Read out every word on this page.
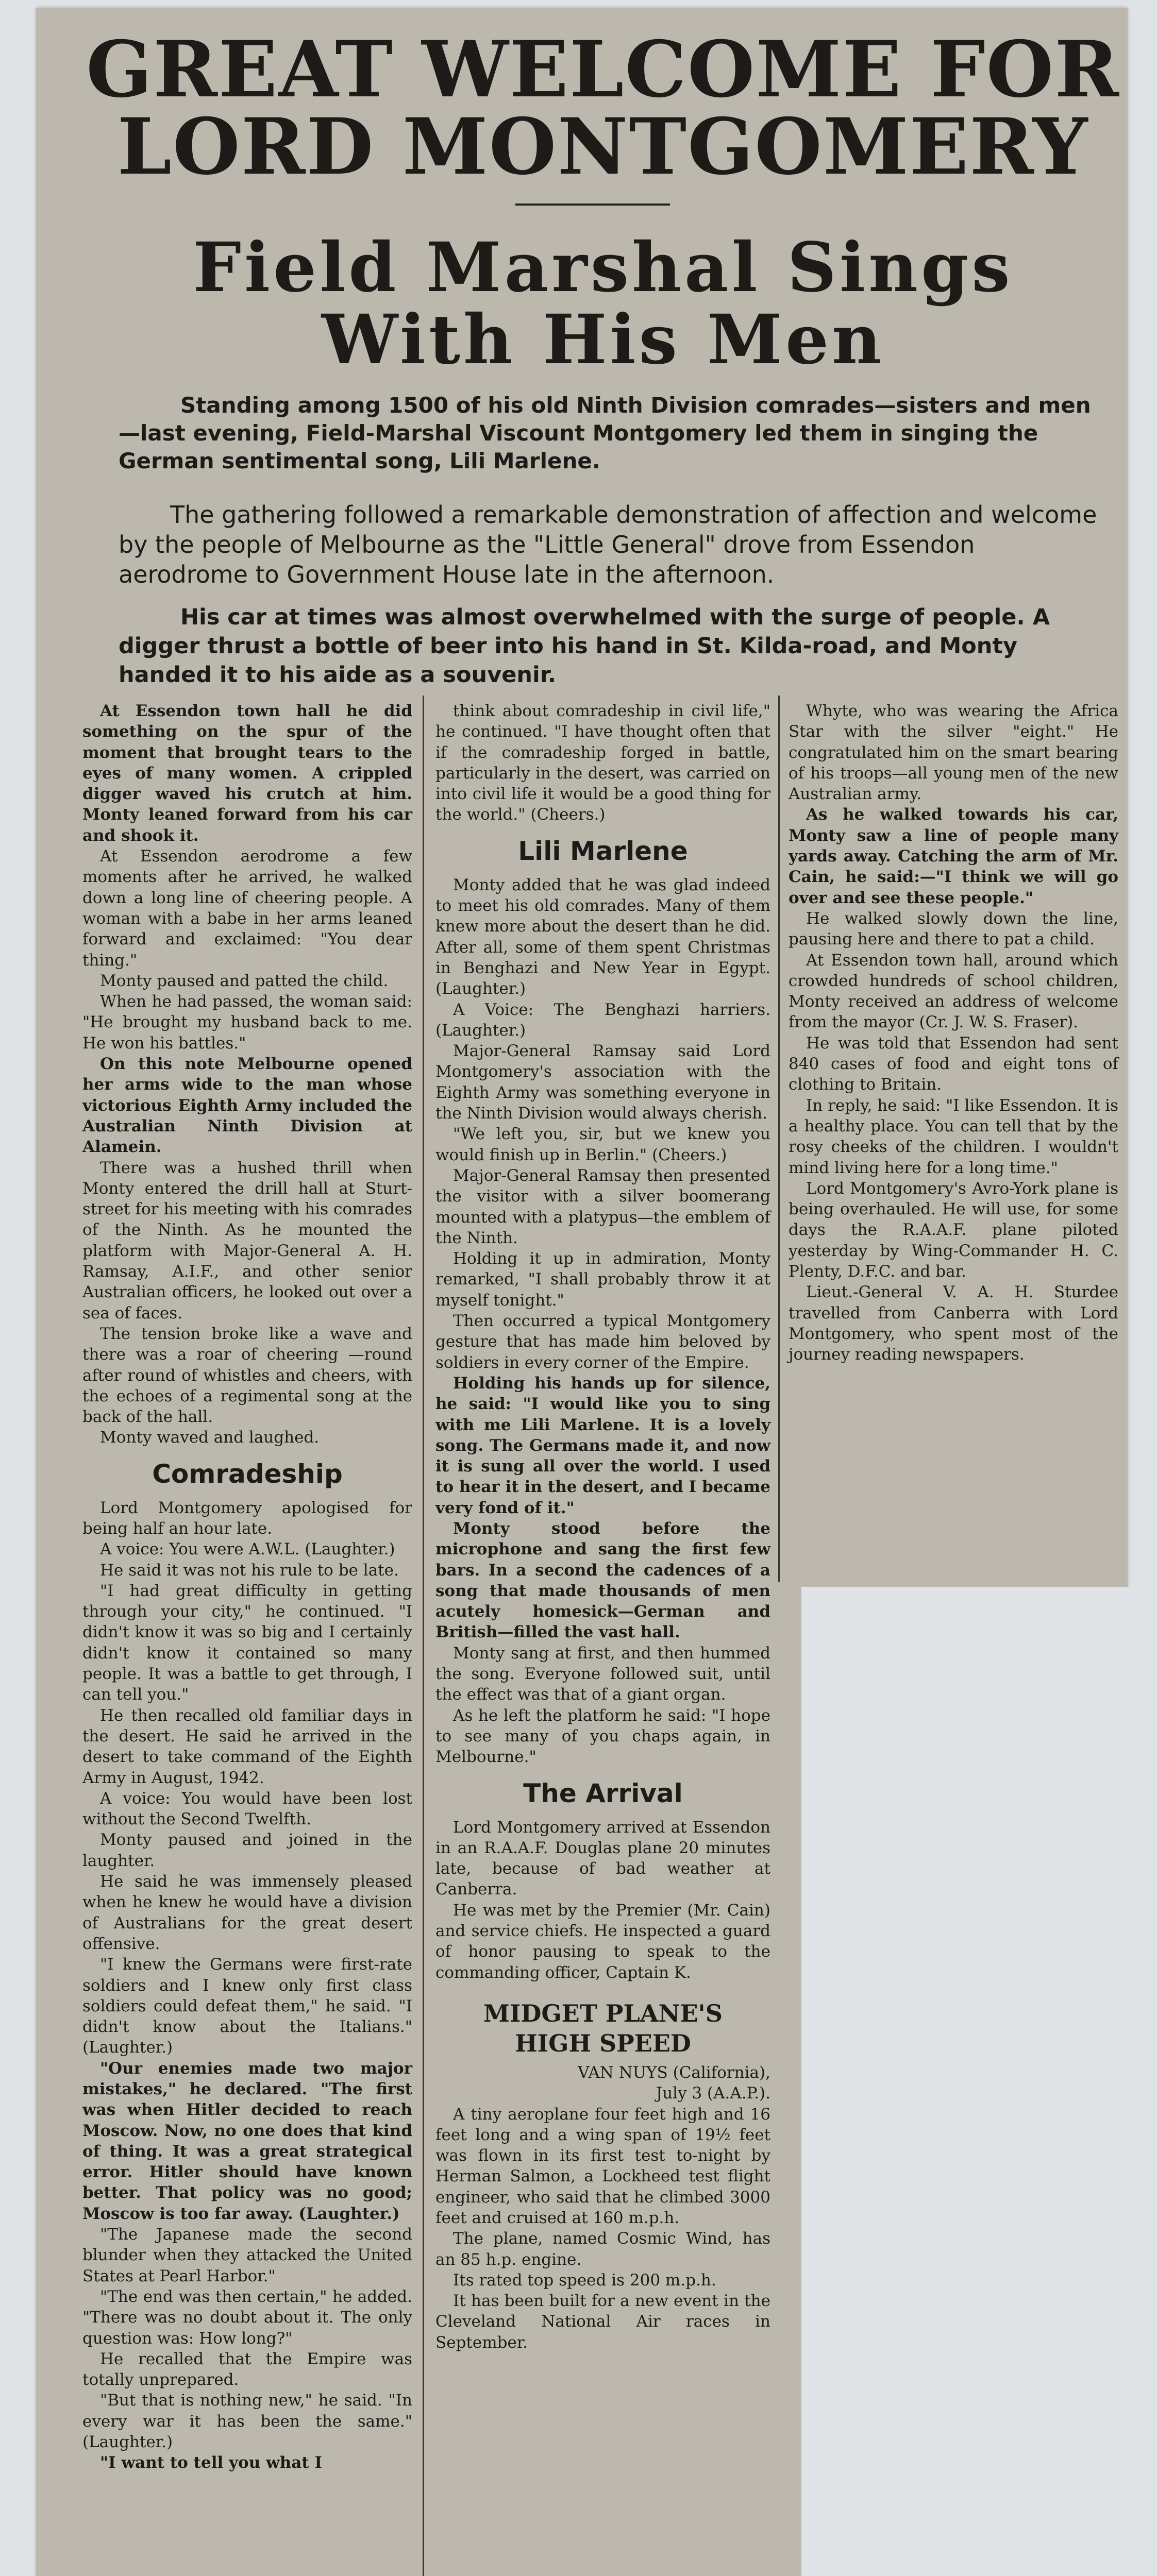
GREAT WELCOME FOR
LORD MONTGOMERY
Field Marshal Sings
With His Men

Standing among 1500 of his old Ninth Division comrades—sisters and men—last evening, Field-Marshal Viscount Montgomery led them in singing the German sentimental song, Lili Marlene.

The gathering followed a remarkable demonstration of affection and welcome by the people of Melbourne as the "Little General" drove from Essendon aerodrome to Government House late in the afternoon.

His car at times was almost overwhelmed with the surge of people. A digger thrust a bottle of beer into his hand in St. Kilda-road, and Monty handed it to his aide as a souvenir.

At Essendon town hall he did something on the spur of the moment that brought tears to the eyes of many women. A crippled digger waved his crutch at him. Monty leaned forward from his car and shook it.

At Essendon aerodrome a few moments after he arrived, he walked down a long line of cheering people. A woman with a babe in her arms leaned forward and exclaimed: "You dear thing."

Monty paused and patted the child.

When he had passed, the woman said: "He brought my husband back to me. He won his battles."

On this note Melbourne opened her arms wide to the man whose victorious Eighth Army included the Australian Ninth Division at Alamein.

There was a hushed thrill when Monty entered the drill hall at Sturt-street for his meeting with his comrades of the Ninth. As he mounted the platform with Major-General A. H. Ramsay, A.I.F., and other senior Australian officers, he looked out over a sea of faces.

The tension broke like a wave and there was a roar of cheering —round after round of whistles and cheers, with the echoes of a regimental song at the back of the hall.

Monty waved and laughed.

Comradeship

Lord Montgomery apologised for being half an hour late.

A voice: You were A.W.L. (Laughter.)

He said it was not his rule to be late.

"I had great difficulty in getting through your city," he continued. "I didn't know it was so big and I certainly didn't know it contained so many people. It was a battle to get through, I can tell you."

He then recalled old familiar days in the desert. He said he arrived in the desert to take command of the Eighth Army in August, 1942.

A voice: You would have been lost without the Second Twelfth.

Monty paused and joined in the laughter.

He said he was immensely pleased when he knew he would have a division of Australians for the great desert offensive.

"I knew the Germans were first-rate soldiers and I knew only first class soldiers could defeat them," he said. "I didn't know about the Italians." (Laughter.)

"Our enemies made two major mistakes," he declared. "The first was when Hitler decided to reach Moscow. Now, no one does that kind of thing. It was a great strategical error. Hitler should have known better. That policy was no good; Moscow is too far away. (Laughter.)

"The Japanese made the second blunder when they attacked the United States at Pearl Harbor."

"The end was then certain," he added. "There was no doubt about it. The only question was: How long?"

He recalled that the Empire was totally unprepared.

"But that is nothing new," he said. "In every war it has been the same." (Laughter.)

"I want to tell you what I

think about comradeship in civil life," he continued. "I have thought often that if the comradeship forged in battle, particularly in the desert, was carried on into civil life it would be a good thing for the world." (Cheers.)

Lili Marlene

Monty added that he was glad indeed to meet his old comrades. Many of them knew more about the desert than he did. After all, some of them spent Christmas in Benghazi and New Year in Egypt. (Laughter.)

A Voice: The Benghazi harriers. (Laughter.)

Major-General Ramsay said Lord Montgomery's association with the Eighth Army was something everyone in the Ninth Division would always cherish.

"We left you, sir, but we knew you would finish up in Berlin." (Cheers.)

Major-General Ramsay then presented the visitor with a silver boomerang mounted with a platypus—the emblem of the Ninth.

Holding it up in admiration, Monty remarked, "I shall probably throw it at myself tonight."

Then occurred a typical Montgomery gesture that has made him beloved by soldiers in every corner of the Empire.

Holding his hands up for silence, he said: "I would like you to sing with me Lili Marlene. It is a lovely song. The Germans made it, and now it is sung all over the world. I used to hear it in the desert, and I became very fond of it."

Monty stood before the microphone and sang the first few bars. In a second the cadences of a song that made thousands of men acutely homesick—German and British—filled the vast hall.

Monty sang at first, and then hummed the song. Everyone followed suit, until the effect was that of a giant organ.

As he left the platform he said: "I hope to see many of you chaps again, in Melbourne."

The Arrival

Lord Montgomery arrived at Essendon in an R.A.A.F. Douglas plane 20 minutes late, because of bad weather at Canberra.

He was met by the Premier (Mr. Cain) and service chiefs. He inspected a guard of honor pausing to speak to the commanding officer, Captain K.

MIDGET PLANE'S
HIGH SPEED

VAN NUYS (California),

July 3 (A.A.P.).

A tiny aeroplane four feet high and 16 feet long and a wing span of 19½ feet was flown in its first test to-night by Herman Salmon, a Lockheed test flight engineer, who said that he climbed 3000 feet and cruised at 160 m.p.h.

The plane, named Cosmic Wind, has an 85 h.p. engine.

Its rated top speed is 200 m.p.h.

It has been built for a new event in the Cleveland National Air races in September.

Whyte, who was wearing the Africa Star with the silver "eight." He congratulated him on the smart bearing of his troops—all young men of the new Australian army.

As he walked towards his car, Monty saw a line of people many yards away. Catching the arm of Mr. Cain, he said:—"I think we will go over and see these people."

He walked slowly down the line, pausing here and there to pat a child.

At Essendon town hall, around which crowded hundreds of school children, Monty received an address of welcome from the mayor (Cr. J. W. S. Fraser).

He was told that Essendon had sent 840 cases of food and eight tons of clothing to Britain.

In reply, he said: "I like Essendon. It is a healthy place. You can tell that by the rosy cheeks of the children. I wouldn't mind living here for a long time."

Lord Montgomery's Avro-York plane is being overhauled. He will use, for some days the R.A.A.F. plane piloted yesterday by Wing-Commander H. C. Plenty, D.F.C. and bar.

Lieut.-General V. A. H. Sturdee travelled from Canberra with Lord Montgomery, who spent most of the journey reading newspapers.
